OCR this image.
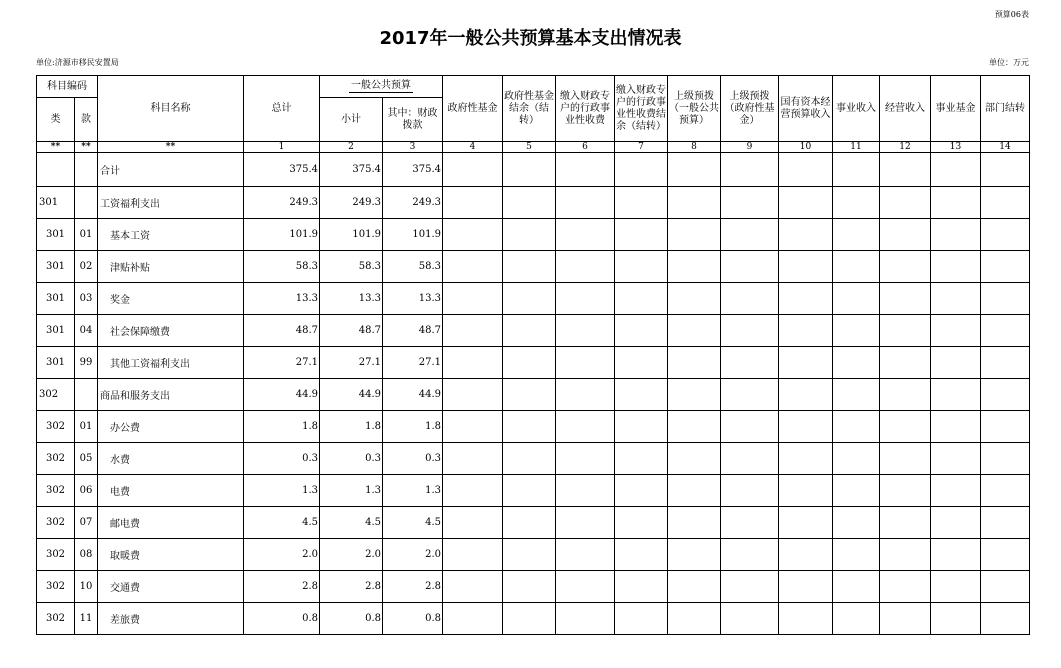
预算06表
2017年一般公共预算基本支出情况表
单位:济源市移民安置局	单位：万元
科目编码		科目名称	总计	一般公共预算		政府性基金	政府性基金结余（结转）	缴入财政专户的行政事业性收费	缴入财政专户的行政事业性收费结余（结转）	上级预拨（一般公共预算）	上级预拨（政府性基金）	国有资本经营预算收入	事业收入	经营收入	事业基金	部门结转
类	款			小计	其中：财政拨款											
**	**	**	1	2	3	4	5	6	7	8	9	10	11	12	13	14
		合计	375.4	375.4	375.4											
301		工资福利支出	249.3	249.3	249.3											
301	01	基本工资	101.9	101.9	101.9											
301	02	津贴补贴	58.3	58.3	58.3											
301	03	奖金	13.3	13.3	13.3											
301	04	社会保障缴费	48.7	48.7	48.7											
301	99	其他工资福利支出	27.1	27.1	27.1											
302		商品和服务支出	44.9	44.9	44.9											
302	01	办公费	1.8	1.8	1.8											
302	05	水费	0.3	0.3	0.3											
302	06	电费	1.3	1.3	1.3											
302	07	邮电费	4.5	4.5	4.5											
302	08	取暖费	2.0	2.0	2.0											
302	10	交通费	2.8	2.8	2.8											
302	11	差旅费	0.8	0.8	0.8											
